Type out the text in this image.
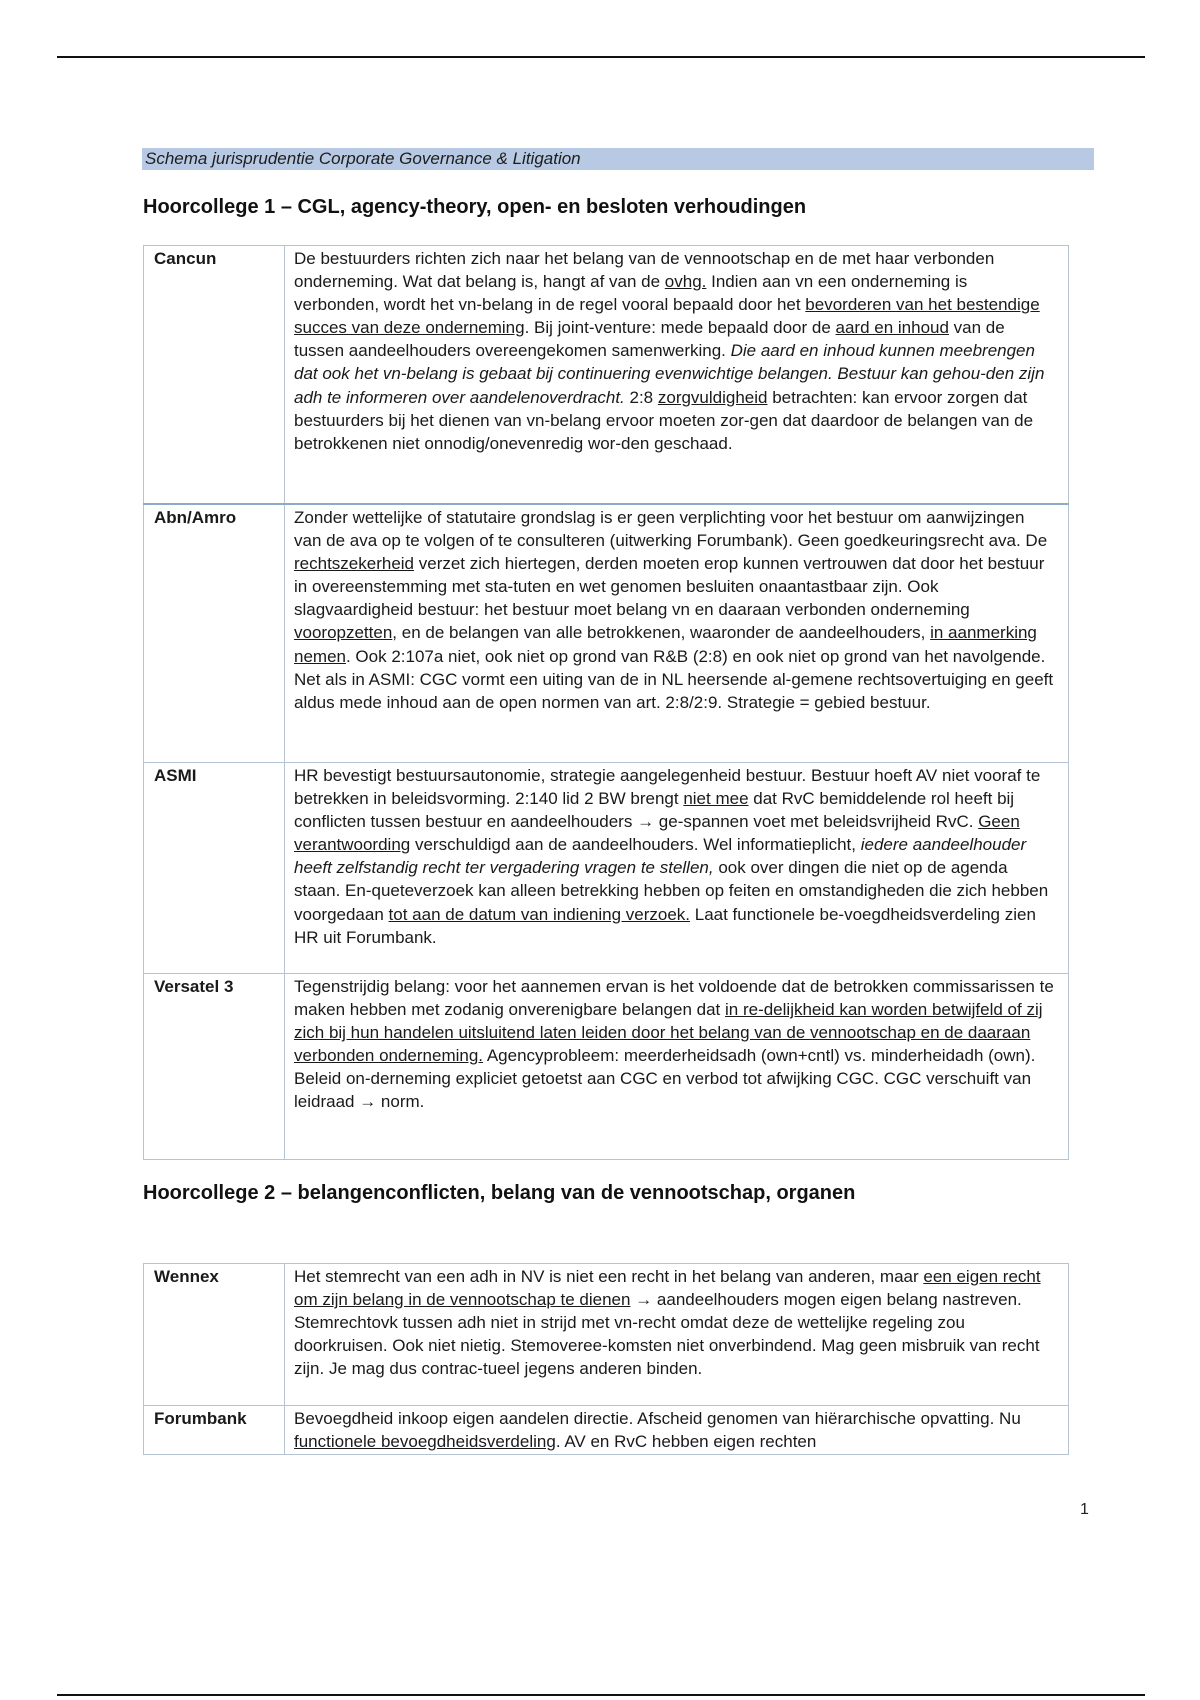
Schema jurisprudentie Corporate Governance & Litigation
Hoorcollege 1 – CGL, agency-theory, open- en besloten verhoudingen
Cancun	De bestuurders richten zich naar het belang van de vennootschap en de met haar verbonden onderneming. Wat dat belang is, hangt af van de ovhg. Indien aan vn een onderneming is verbonden, wordt het vn-belang in de regel vooral bepaald door het bevorderen van het bestendige succes van deze onderneming. Bij joint-venture: mede bepaald door de aard en inhoud van de tussen aandeelhouders overeengekomen samenwerking. Die aard en inhoud kunnen meebrengen dat ook het vn-belang is gebaat bij continuering evenwichtige belangen. Bestuur kan gehou-den zijn adh te informeren over aandelenoverdracht. 2:8 zorgvuldigheid betrachten: kan ervoor zorgen dat bestuurders bij het dienen van vn-belang ervoor moeten zor-gen dat daardoor de belangen van de betrokkenen niet onnodig/onevenredig wor-den geschaad.
Abn/Amro	Zonder wettelijke of statutaire grondslag is er geen verplichting voor het bestuur om aanwijzingen van de ava op te volgen of te consulteren (uitwerking Forumbank). Geen goedkeuringsrecht ava. De rechtszekerheid verzet zich hiertegen, derden moeten erop kunnen vertrouwen dat door het bestuur in overeenstemming met sta-tuten en wet genomen besluiten onaantastbaar zijn. Ook slagvaardigheid bestuur: het bestuur moet belang vn en daaraan verbonden onderneming vooropzetten, en de belangen van alle betrokkenen, waaronder de aandeelhouders, in aanmerking nemen. Ook 2:107a niet, ook niet op grond van R&B (2:8) en ook niet op grond van het navolgende. Net als in ASMI: CGC vormt een uiting van de in NL heersende al-gemene rechtsovertuiging en geeft aldus mede inhoud aan de open normen van art. 2:8/2:9. Strategie = gebied bestuur.
ASMI	HR bevestigt bestuursautonomie, strategie aangelegenheid bestuur. Bestuur hoeft AV niet vooraf te betrekken in beleidsvorming. 2:140 lid 2 BW brengt niet mee dat RvC bemiddelende rol heeft bij conflicten tussen bestuur en aandeelhouders → ge-spannen voet met beleidsvrijheid RvC. Geen verantwoording verschuldigd aan de aandeelhouders. Wel informatieplicht, iedere aandeelhouder heeft zelfstandig recht ter vergadering vragen te stellen, ook over dingen die niet op de agenda staan. En-queteverzoek kan alleen betrekking hebben op feiten en omstandigheden die zich hebben voorgedaan tot aan de datum van indiening verzoek. Laat functionele be-voegdheidsverdeling zien HR uit Forumbank.
Versatel 3	Tegenstrijdig belang: voor het aannemen ervan is het voldoende dat de betrokken commissarissen te maken hebben met zodanig onverenigbare belangen dat in re-delijkheid kan worden betwijfeld of zij zich bij hun handelen uitsluitend laten leiden door het belang van de vennootschap en de daaraan verbonden onderneming. Agencyprobleem: meerderheidsadh (own+cntl) vs. minderheidadh (own). Beleid on-derneming expliciet getoetst aan CGC en verbod tot afwijking CGC. CGC verschuift van leidraad → norm.
Hoorcollege 2 – belangenconflicten, belang van de vennootschap, organen
Wennex	Het stemrecht van een adh in NV is niet een recht in het belang van anderen, maar een eigen recht om zijn belang in de vennootschap te dienen → aandeelhouders mogen eigen belang nastreven. Stemrechtovk tussen adh niet in strijd met vn-recht omdat deze de wettelijke regeling zou doorkruisen. Ook niet nietig. Stemoveree-komsten niet onverbindend. Mag geen misbruik van recht zijn. Je mag dus contrac-tueel jegens anderen binden.
Forumbank	Bevoegdheid inkoop eigen aandelen directie. Afscheid genomen van hiërarchische opvatting. Nu functionele bevoegdheidsverdeling. AV en RvC hebben eigen rechten
1
